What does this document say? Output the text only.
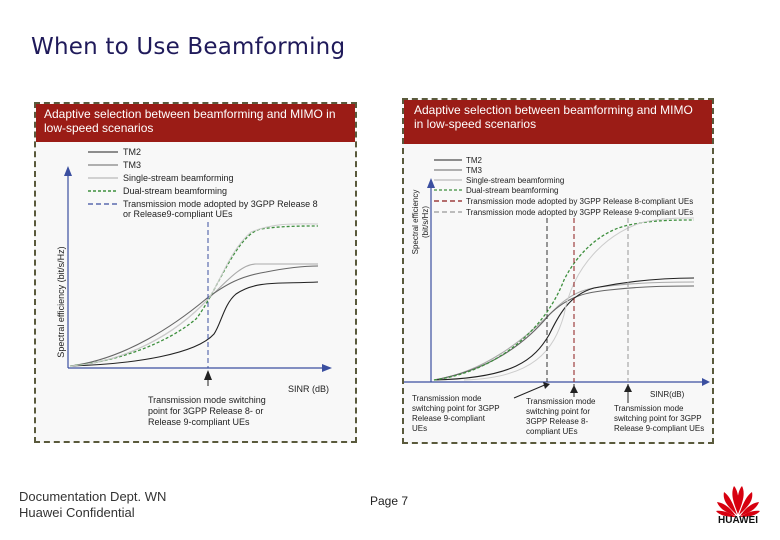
When to Use Beamforming
Adaptive selection between beamforming and MIMO in low-speed scenarios
TM2
TM3
Single-stream beamforming
Dual-stream beamforming
Transmission mode adopted by 3GPP Release 8
or Release9-compliant UEs
Spectral efficiency (bit/s/Hz)
SINR (dB)
Transmission mode switching
point for 3GPP Release 8- or
Release 9-compliant UEs
Adaptive selection between beamforming and MIMO in low-speed scenarios
TM2
TM3
Single-stream beamforming
Dual-stream beamforming
Transmission mode adopted by 3GPP Release 8-compliant UEs
Transmission mode adopted by 3GPP Release 9-compliant UEs
Spectral efficiency (bit/s/Hz)
SINR(dB)
Transmission mode
switching point for 3GPP
Release 9-compliant
UEs
Transmission mode
switching point for
3GPP Release 8-
compliant UEs
Transmission mode
switching point for 3GPP
Release 9-compliant UEs
Documentation Dept. WN
Huawei Confidential
Page 7
HUAWEI
